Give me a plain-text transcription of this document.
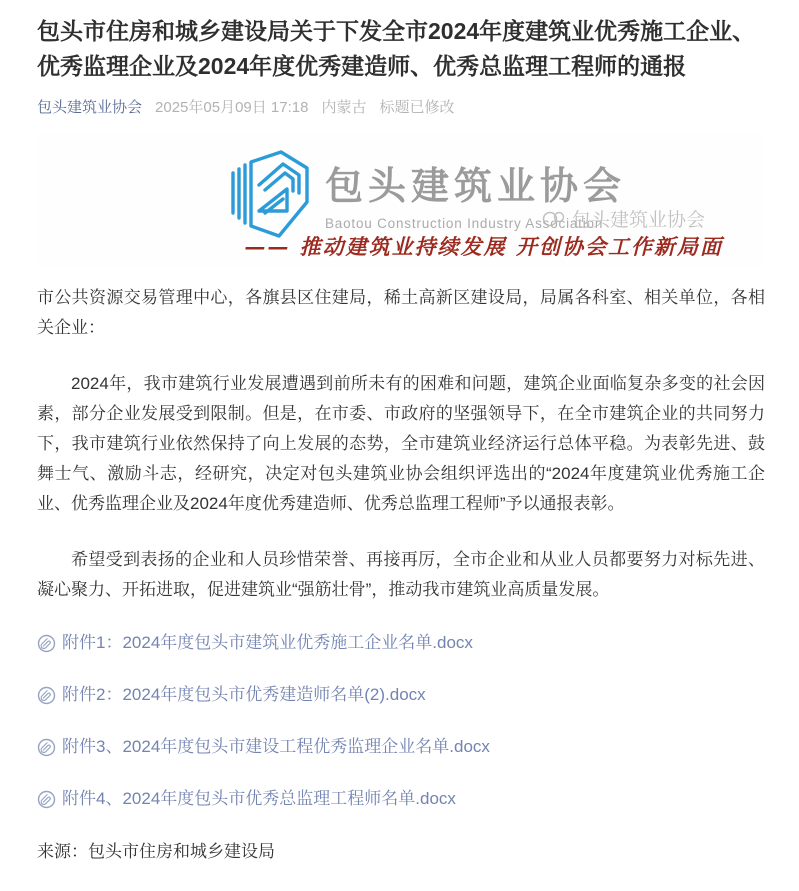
包头市住房和城乡建设局关于下发全市2024年度建筑业优秀施工企业、优秀监理企业及2024年度优秀建造师、优秀总监理工程师的通报
包头建筑业协会 2025年05月09日 17:18 内蒙古 标题已修改
包头建筑业协会
Baotou Construction Industry Association
包头建筑业协会
—— 推动建筑业持续发展 开创协会工作新局面

市公共资源交易管理中心，各旗县区住建局，稀土高新区建设局，局属各科室、相关单位，各相关企业：

2024年，我市建筑行业发展遭遇到前所未有的困难和问题，建筑企业面临复杂多变的社会因素，部分企业发展受到限制。但是，在市委、市政府的坚强领导下，在全市建筑企业的共同努力下，我市建筑行业依然保持了向上发展的态势，全市建筑业经济运行总体平稳。为表彰先进、鼓舞士气、激励斗志，经研究，决定对包头建筑业协会组织评选出的“2024年度建筑业优秀施工企业、优秀监理企业及2024年度优秀建造师、优秀总监理工程师”予以通报表彰。

希望受到表扬的企业和人员珍惜荣誉、再接再厉，全市企业和从业人员都要努力对标先进、凝心聚力、开拓进取，促进建筑业“强筋壮骨”，推动我市建筑业高质量发展。

附件1：2024年度包头市建筑业优秀施工企业名单.docx
附件2：2024年度包头市优秀建造师名单(2).docx
附件3、2024年度包头市建设工程优秀监理企业名单.docx
附件4、2024年度包头市优秀总监理工程师名单.docx
来源：包头市住房和城乡建设局
